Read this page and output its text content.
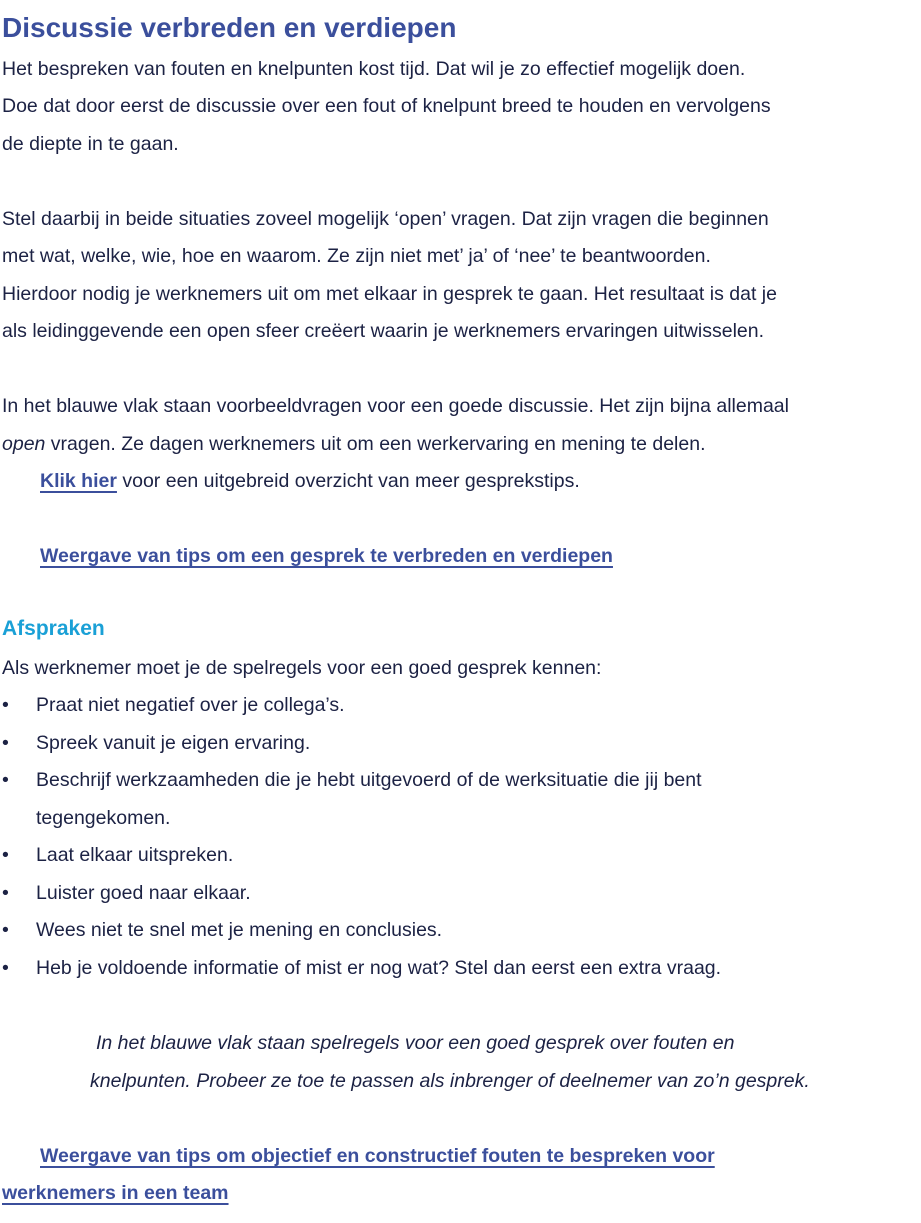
Discussie verbreden en verdiepen
Het bespreken van fouten en knelpunten kost tijd. Dat wil je zo effectief mogelijk doen.
Doe dat door eerst de discussie over een fout of knelpunt breed te houden en vervolgens
de diepte in te gaan.
Stel daarbij in beide situaties zoveel mogelijk ‘open’ vragen. Dat zijn vragen die beginnen
met wat, welke, wie, hoe en waarom. Ze zijn niet met’ ja’ of ‘nee’ te beantwoorden.
Hierdoor nodig je werknemers uit om met elkaar in gesprek te gaan. Het resultaat is dat je
als leidinggevende een open sfeer creëert waarin je werknemers ervaringen uitwisselen.
In het blauwe vlak staan voorbeeldvragen voor een goede discussie. Het zijn bijna allemaal
open vragen. Ze dagen werknemers uit om een werkervaring en mening te delen.
Klik hier voor een uitgebreid overzicht van meer gesprekstips.
Weergave van tips om een gesprek te verbreden en verdiepen
Afspraken
Als werknemer moet je de spelregels voor een goed gesprek kennen:
• Praat niet negatief over je collega’s.
• Spreek vanuit je eigen ervaring.
• Beschrijf werkzaamheden die je hebt uitgevoerd of de werksituatie die jij bent
tegengekomen.
• Laat elkaar uitspreken.
• Luister goed naar elkaar.
• Wees niet te snel met je mening en conclusies.
• Heb je voldoende informatie of mist er nog wat? Stel dan eerst een extra vraag.
In het blauwe vlak staan spelregels voor een goed gesprek over fouten en
knelpunten. Probeer ze toe te passen als inbrenger of deelnemer van zo’n gesprek.
Weergave van tips om objectief en constructief fouten te bespreken voor
werknemers in een team
